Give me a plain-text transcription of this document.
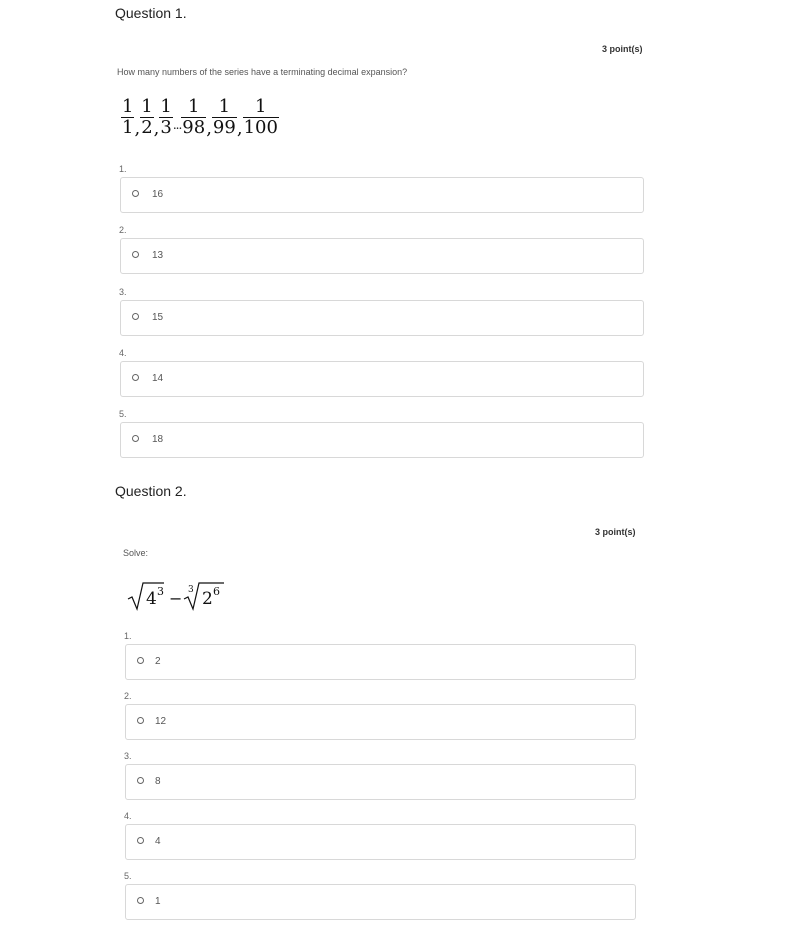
Question 1.
3 point(s)
How many numbers of the series have a terminating decimal expansion?
$\frac{1}{1}$ , $\frac{1}{2}$ , $\frac{1}{3}$ ... $\frac{1}{98}$ , $\frac{1}{99}$ , $\frac{1}{100}$
1.
16
2.
13
3.
15
4.
14
5.
18
Question 2.
3 point(s)
Solve:
4 3 − 3 2 6
1.
2
2.
12
3.
8
4.
4
5.
1
